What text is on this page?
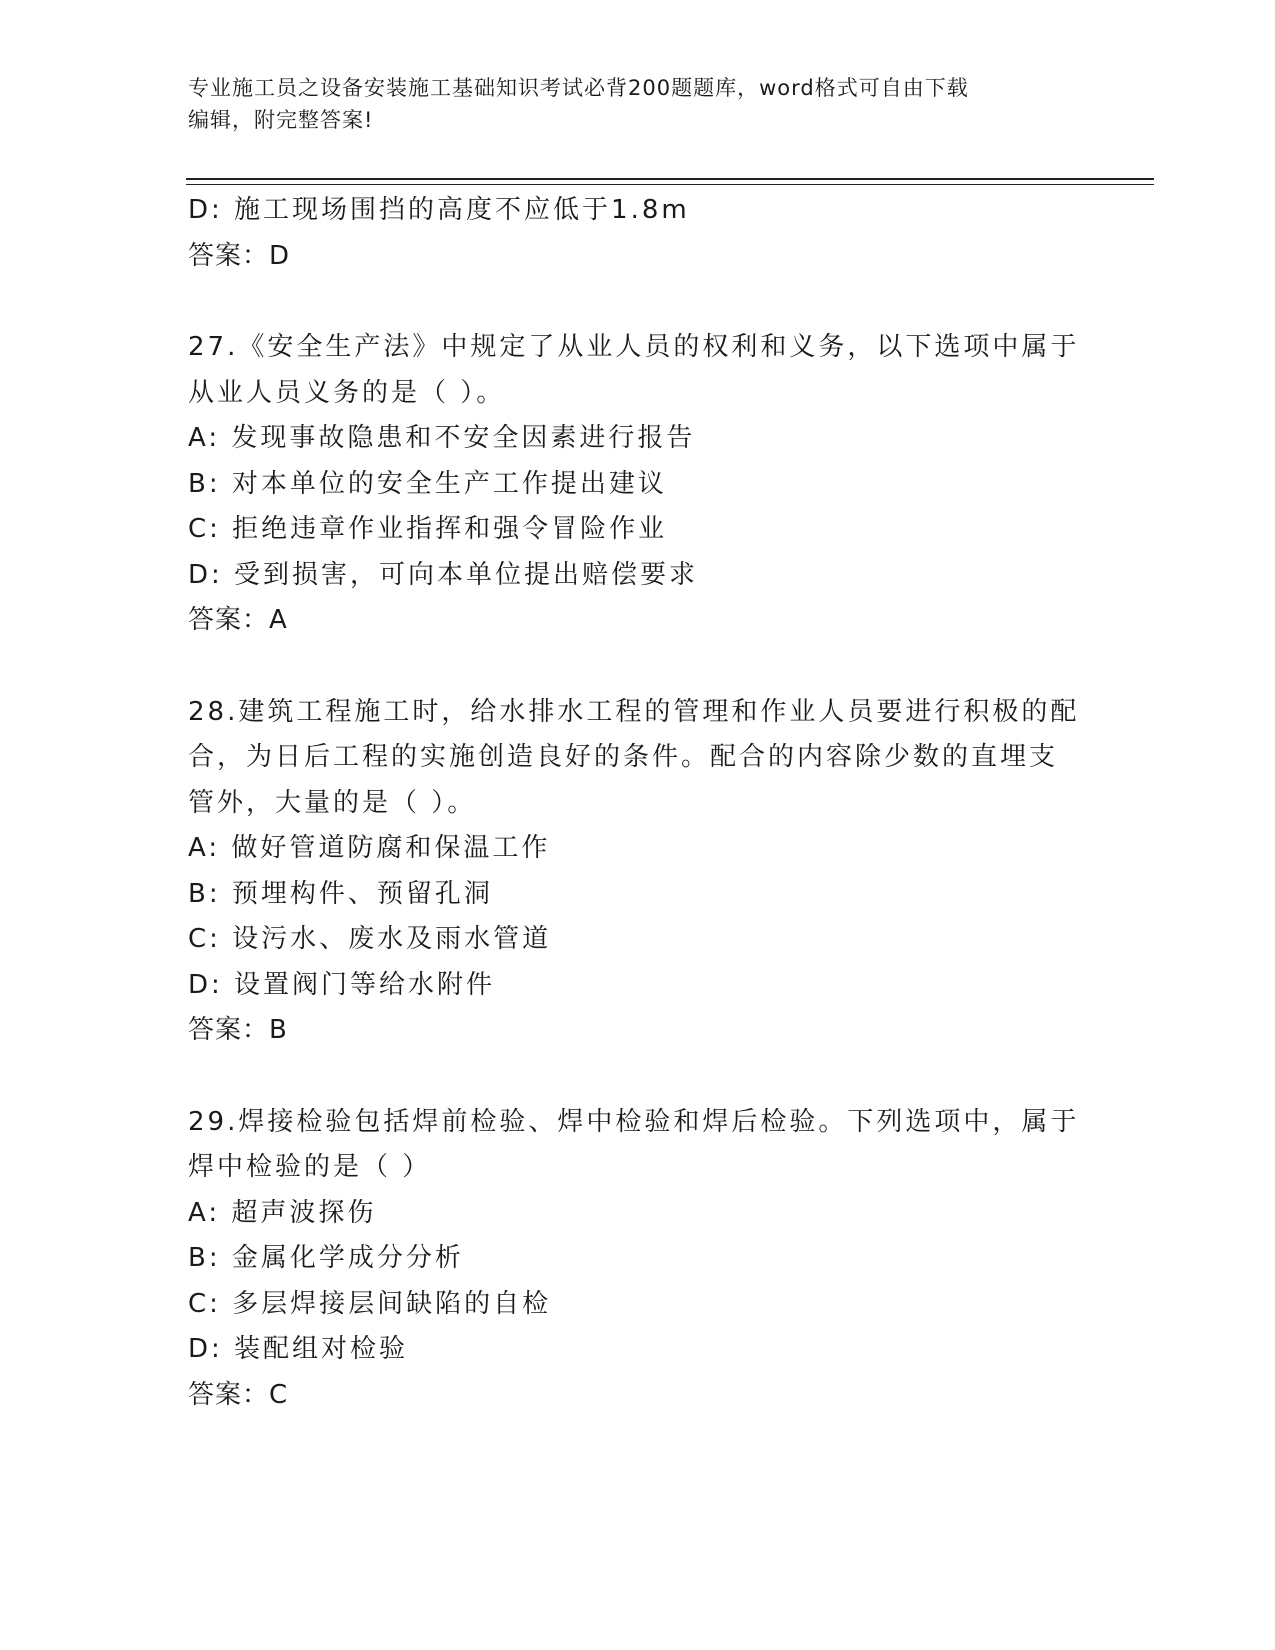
专业施工员之设备安装施工基础知识考试必背200题题库，word格式可自由下载
编辑，附完整答案!
D: 施工现场围挡的高度不应低于1.8m
答案：D
27.《安全生产法》中规定了从业人员的权利和义务，以下选项中属于
从业人员义务的是（ ）。
A: 发现事故隐患和不安全因素进行报告
B: 对本单位的安全生产工作提出建议
C: 拒绝违章作业指挥和强令冒险作业
D: 受到损害，可向本单位提出赔偿要求
答案：A
28.建筑工程施工时，给水排水工程的管理和作业人员要进行积极的配
合，为日后工程的实施创造良好的条件。配合的内容除少数的直埋支
管外，大量的是（ ）。
A: 做好管道防腐和保温工作
B: 预埋构件、预留孔洞
C: 设污水、废水及雨水管道
D: 设置阀门等给水附件
答案：B
29.焊接检验包括焊前检验、焊中检验和焊后检验。下列选项中，属于
焊中检验的是（ ）
A: 超声波探伤
B: 金属化学成分分析
C: 多层焊接层间缺陷的自检
D: 装配组对检验
答案：C
